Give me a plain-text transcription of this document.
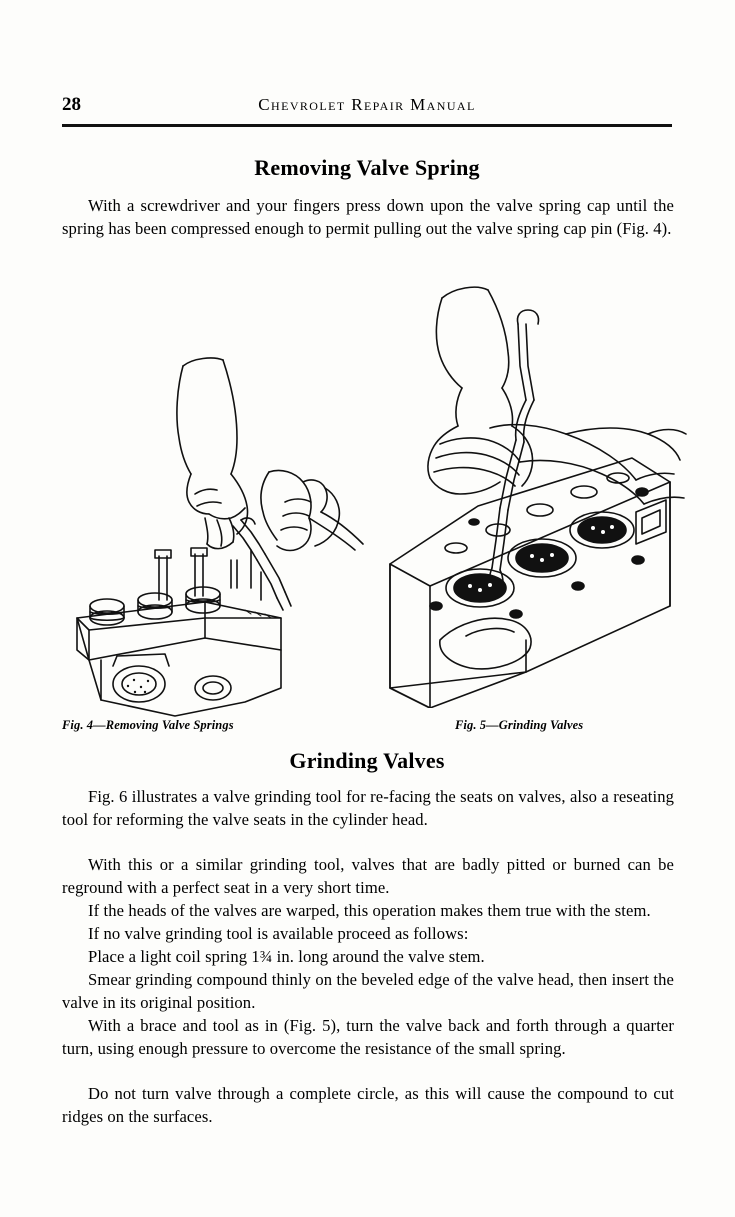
28	Chevrolet Repair Manual
Removing Valve Spring
With a screwdriver and your fingers press down upon the valve spring cap until the spring has been compressed enough to permit pulling out the valve spring cap pin (Fig. 4).
Fig. 4—Removing Valve Springs	Fig. 5—Grinding Valves
Grinding Valves
Fig. 6 illustrates a valve grinding tool for re-facing the seats on valves, also a reseating tool for reforming the valve seats in the cylinder head.
With this or a similar grinding tool, valves that are badly pitted or burned can be reground with a perfect seat in a very short time.
If the heads of the valves are warped, this operation makes them true with the stem.
If no valve grinding tool is available proceed as follows:
Place a light coil spring 1¾ in. long around the valve stem.
Smear grinding compound thinly on the beveled edge of the valve head, then insert the valve in its original position.
With a brace and tool as in (Fig. 5), turn the valve back and forth through a quarter turn, using enough pressure to overcome the resistance of the small spring.
Do not turn valve through a complete circle, as this will cause the compound to cut ridges on the surfaces.
